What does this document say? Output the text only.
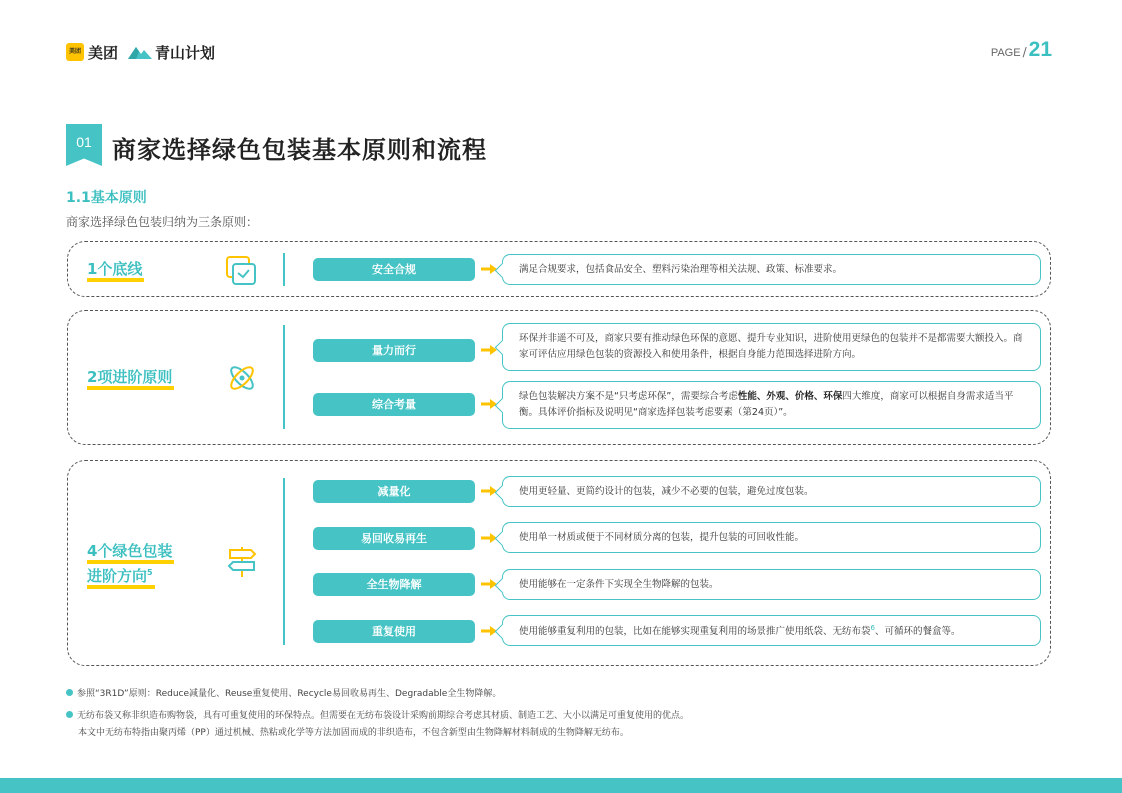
美团 美团 青山计划	PAGE / 21
01 商家选择绿色包装基本原则和流程
1.1基本原则
商家选择绿色包装归纳为三条原则：
1个底线	安全合规	满足合规要求，包括食品安全、塑料污染治理等相关法规、政策、标准要求。
2项进阶原则
量力而行
环保并非遥不可及，商家只要有推动绿色环保的意愿、提升专业知识，进阶使用更绿色的包装并不是都需要大额投入。商家可评估应用绿色包装的资源投入和使用条件，根据自身能力范围选择进阶方向。
综合考量
绿色包装解决方案不是“只考虑环保”，需要综合考虑性能、外观、价格、环保四大维度，商家可以根据自身需求适当平衡。具体评价指标及说明见“商家选择包装考虑要素（第24页）”。
4个绿色包装
进阶方向$^5$
减量化	使用更轻量、更简约设计的包装，减少不必要的包装，避免过度包装。
易回收易再生	使用单一材质或便于不同材质分离的包装，提升包装的可回收性能。
全生物降解	使用能够在一定条件下实现全生物降解的包装。
重复使用	使用能够重复利用的包装，比如在能够实现重复利用的场景推广使用纸袋、无纺布袋$^6$、可循环的餐盒等。
参照“3R1D”原则：Reduce减量化、Reuse重复使用、Recycle易回收易再生、Degradable全生物降解。
无纺布袋又称非织造布购物袋，具有可重复使用的环保特点。但需要在无纺布袋设计采购前期综合考虑其材质、制造工艺、大小以满足可重复使用的优点。
本文中无纺布特指由聚丙烯（PP）通过机械、热粘或化学等方法加固而成的非织造布，不包含新型由生物降解材料制成的生物降解无纺布。
